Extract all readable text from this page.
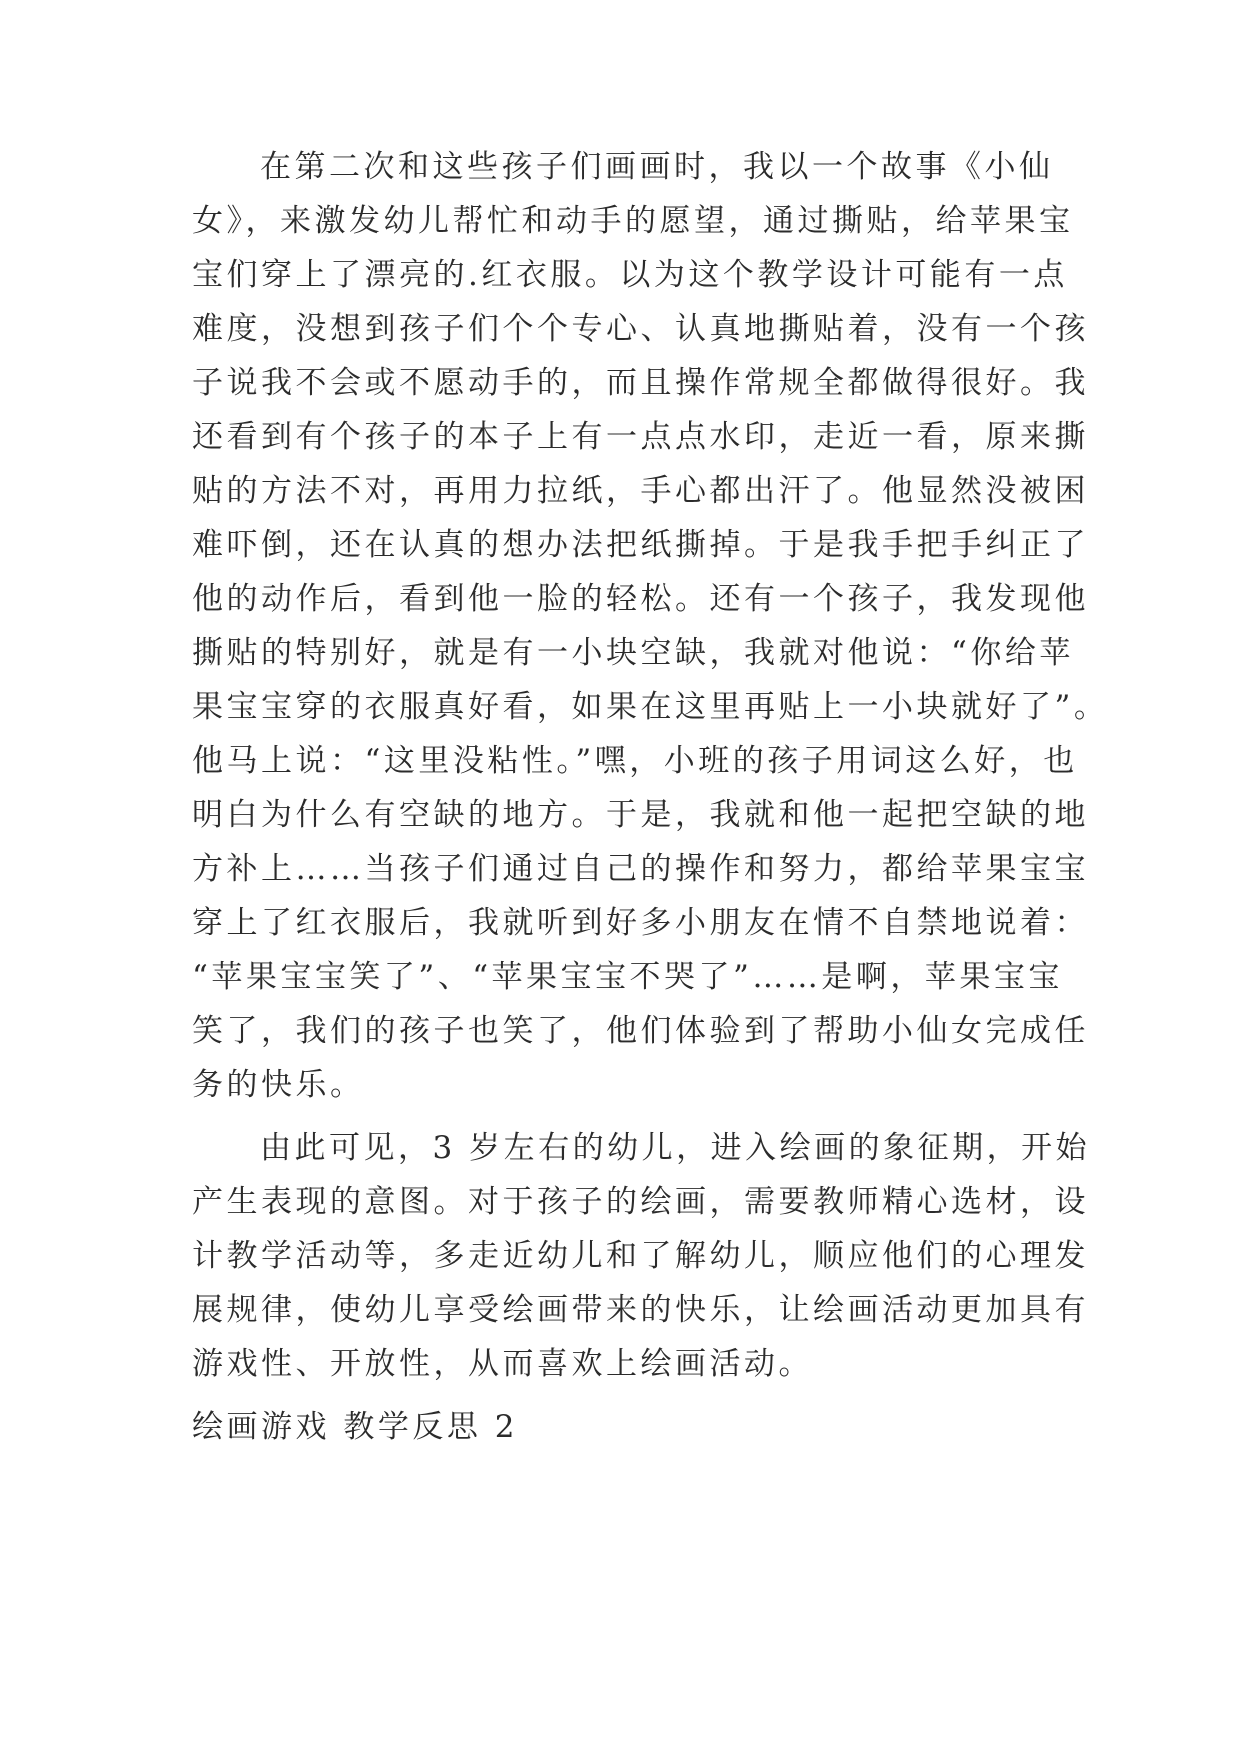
在第二次和这些孩子们画画时，我以一个故事《小仙
女》，来激发幼儿帮忙和动手的愿望，通过撕贴，给苹果宝
宝们穿上了漂亮的.红衣服。以为这个教学设计可能有一点
难度，没想到孩子们个个专心、认真地撕贴着，没有一个孩
子说我不会或不愿动手的，而且操作常规全都做得很好。我
还看到有个孩子的本子上有一点点水印，走近一看，原来撕
贴的方法不对，再用力拉纸，手心都出汗了。他显然没被困
难吓倒，还在认真的想办法把纸撕掉。于是我手把手纠正了
他的动作后，看到他一脸的轻松。还有一个孩子，我发现他
撕贴的特别好，就是有一小块空缺，我就对他说：“你给苹
果宝宝穿的衣服真好看，如果在这里再贴上一小块就好了”。
他马上说：“这里没粘性。”嘿，小班的孩子用词这么好，也
明白为什么有空缺的地方。于是，我就和他一起把空缺的地
方补上……当孩子们通过自己的操作和努力，都给苹果宝宝
穿上了红衣服后，我就听到好多小朋友在情不自禁地说着：
“苹果宝宝笑了”、“苹果宝宝不哭了”……是啊，苹果宝宝
笑了，我们的孩子也笑了，他们体验到了帮助小仙女完成任
务的快乐。
由此可见，3 岁左右的幼儿，进入绘画的象征期，开始
产生表现的意图。对于孩子的绘画，需要教师精心选材，设
计教学活动等，多走近幼儿和了解幼儿，顺应他们的心理发
展规律，使幼儿享受绘画带来的快乐，让绘画活动更加具有
游戏性、开放性，从而喜欢上绘画活动。
绘画游戏 教学反思 2
